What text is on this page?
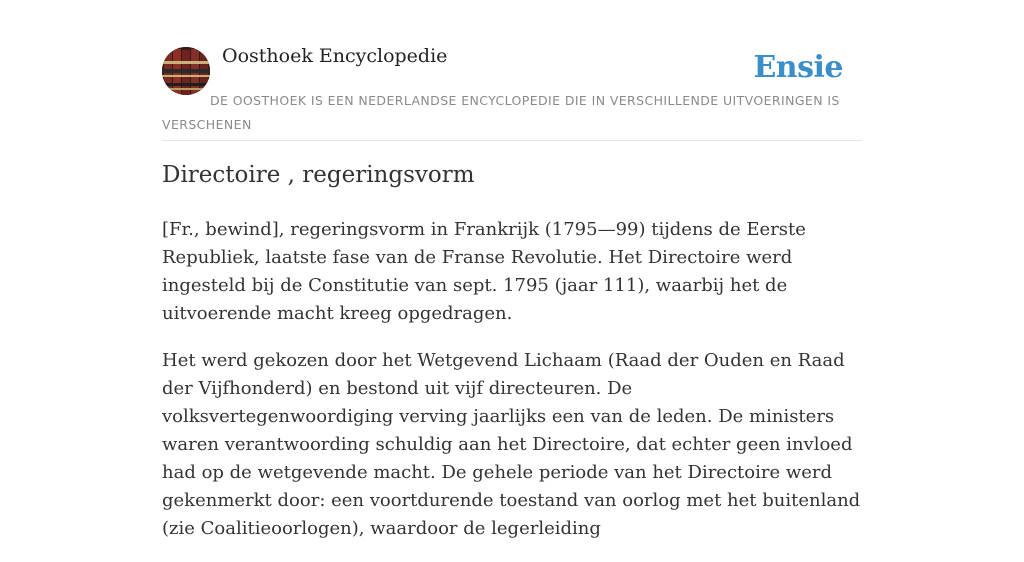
Oosthoek Encyclopedie	Ensie
DE OOSTHOEK IS EEN NEDERLANDSE ENCYCLOPEDIE DIE IN VERSCHILLENDE UITVOERINGEN IS VERSCHENEN
Directoire , regeringsvorm

[Fr., bewind], regeringsvorm in Frankrijk (1795—99) tijdens de Eerste Republiek, laatste fase van de Franse Revolutie. Het Directoire werd ingesteld bij de Constitutie van sept. 1795 (jaar 111), waarbij het de uitvoerende macht kreeg opgedragen.

Het werd gekozen door het Wetgevend Lichaam (Raad der Ouden en Raad der Vijfhonderd) en bestond uit vijf directeuren. De volksvertegenwoordiging verving jaarlijks een van de leden. De ministers waren verantwoording schuldig aan het Directoire, dat echter geen invloed had op de wetgevende macht. De gehele periode van het Directoire werd gekenmerkt door: een voortdurende toestand van oorlog met het buitenland (zie Coalitieoorlogen), waardoor de legerleiding
